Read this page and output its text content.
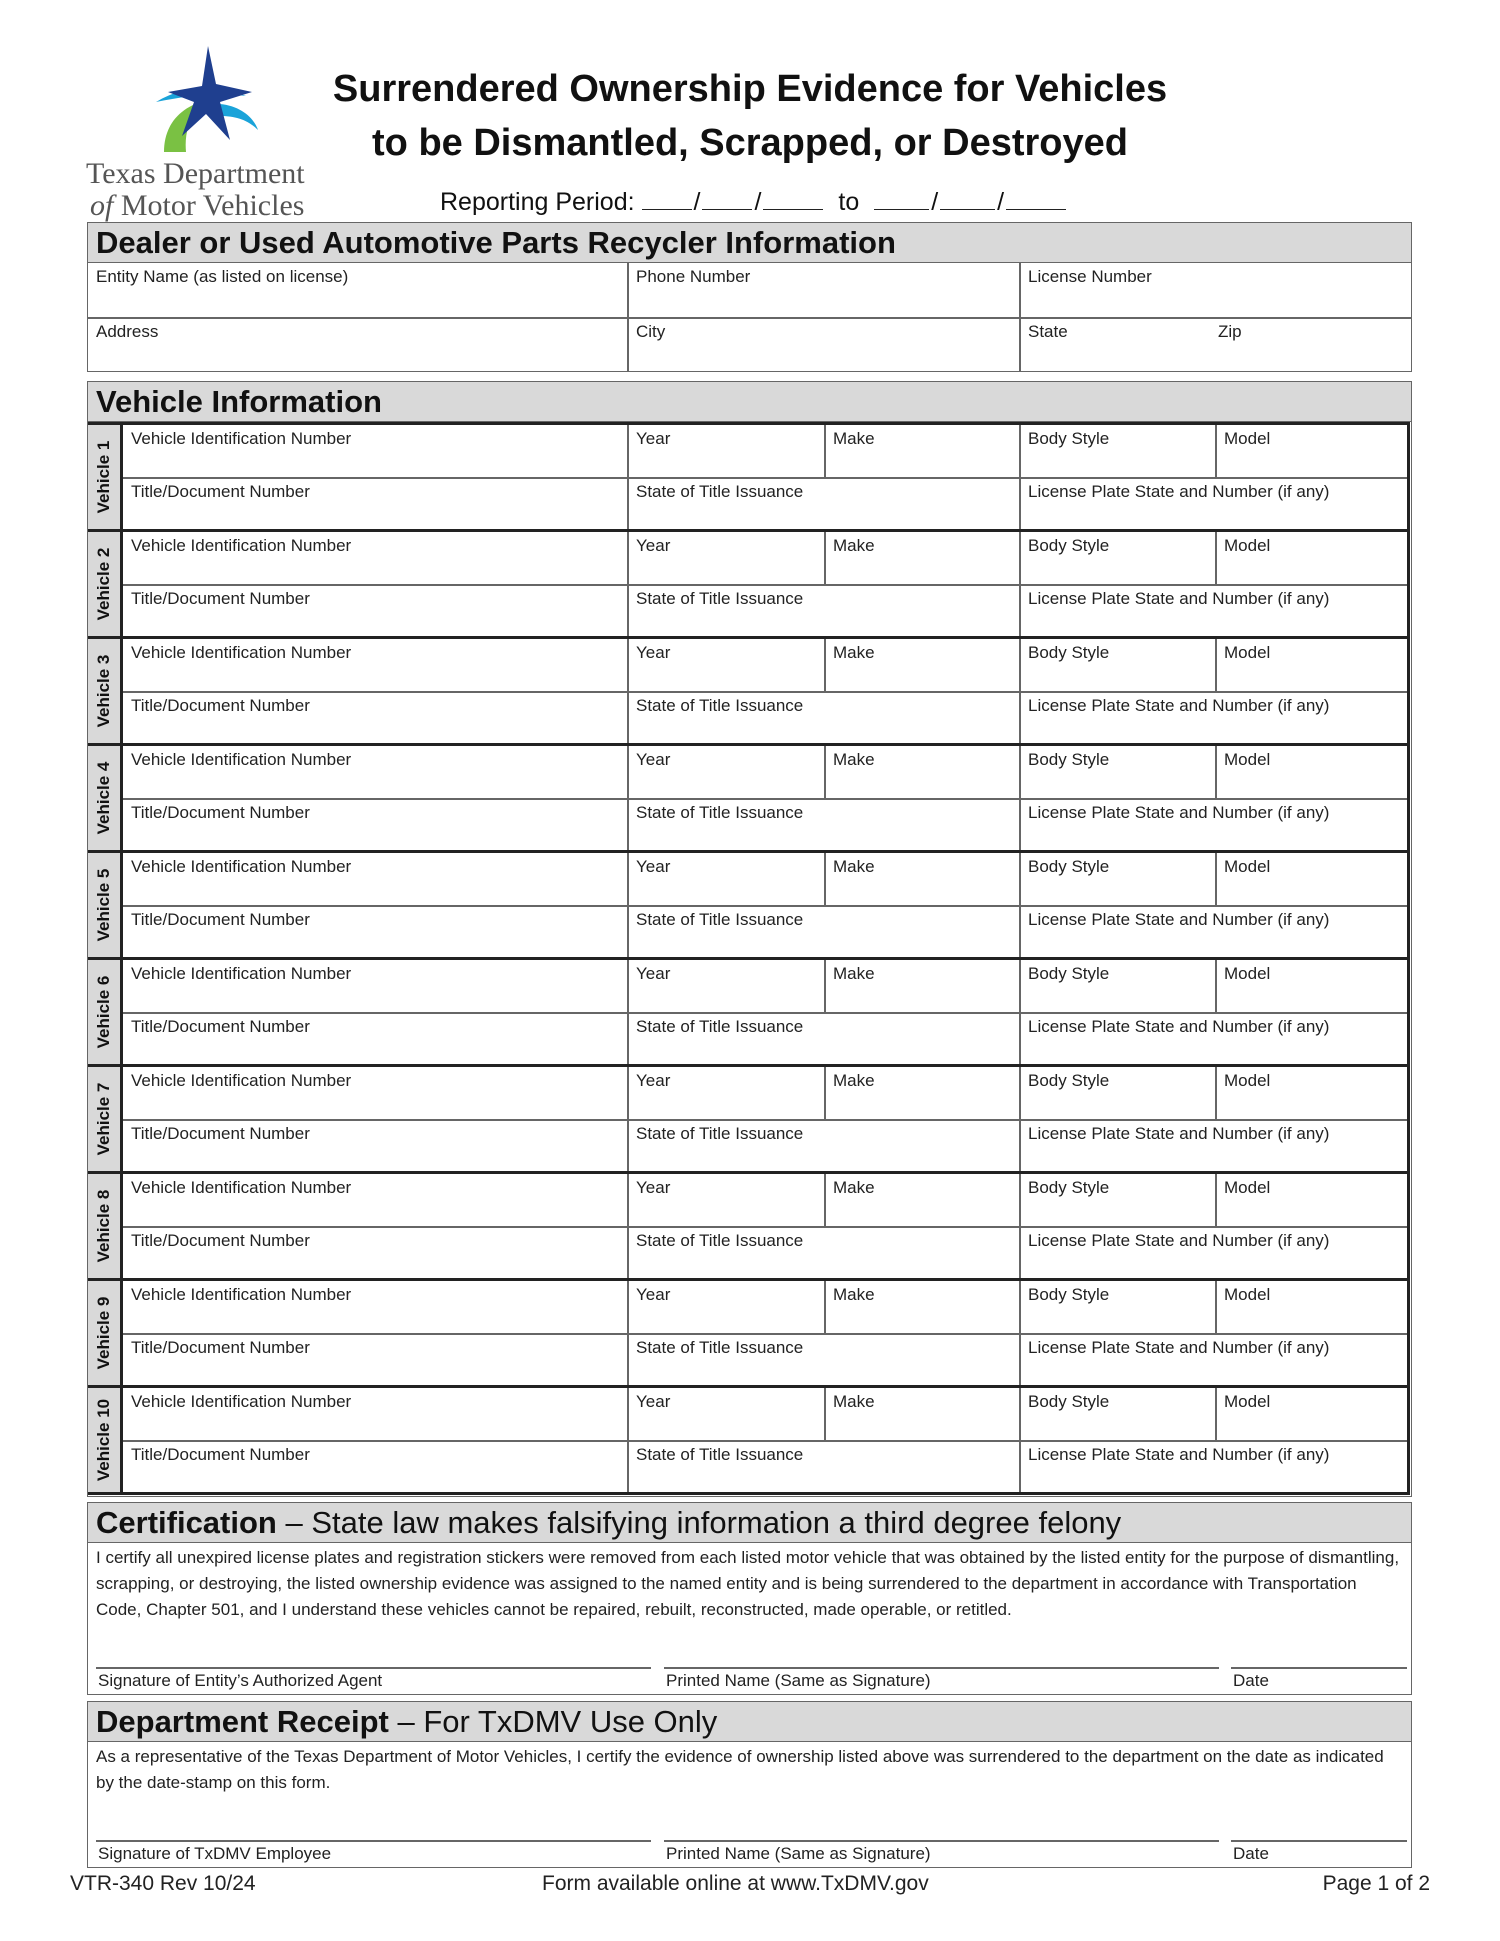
Texas Department
of Motor Vehicles
Surrendered Ownership Evidence for Vehicles
to be Dismantled, Scrapped, or Destroyed
Reporting Period: / /	to	/ /
Dealer or Used Automotive Parts Recycler Information
Entity Name (as listed on license)	Phone Number	License Number
Address	City	State	Zip
Vehicle Information
Vehicle 1
Vehicle Identification Number	Year	Make	Body Style	Model
Title/Document Number	State of Title Issuance	License Plate State and Number (if any)
Vehicle 2
Vehicle Identification Number	Year	Make	Body Style	Model
Title/Document Number	State of Title Issuance	License Plate State and Number (if any)
Vehicle 3
Vehicle Identification Number	Year	Make	Body Style	Model
Title/Document Number	State of Title Issuance	License Plate State and Number (if any)
Vehicle 4
Vehicle Identification Number	Year	Make	Body Style	Model
Title/Document Number	State of Title Issuance	License Plate State and Number (if any)
Vehicle 5
Vehicle Identification Number	Year	Make	Body Style	Model
Title/Document Number	State of Title Issuance	License Plate State and Number (if any)
Vehicle 6
Vehicle Identification Number	Year	Make	Body Style	Model
Title/Document Number	State of Title Issuance	License Plate State and Number (if any)
Vehicle 7
Vehicle Identification Number	Year	Make	Body Style	Model
Title/Document Number	State of Title Issuance	License Plate State and Number (if any)
Vehicle 8
Vehicle Identification Number	Year	Make	Body Style	Model
Title/Document Number	State of Title Issuance	License Plate State and Number (if any)
Vehicle 9
Vehicle Identification Number	Year	Make	Body Style	Model
Title/Document Number	State of Title Issuance	License Plate State and Number (if any)
Vehicle 10	Vehicle Identification Number	Year	Make	Body Style	Model
Title/Document Number	State of Title Issuance	License Plate State and Number (if any)
Certification – State law makes falsifying information a third degree felony
I certify all unexpired license plates and registration stickers were removed from each listed motor vehicle that was obtained by the listed entity for the purpose of dismantling, scrapping, or destroying, the listed ownership evidence was assigned to the named entity and is being surrendered to the department in accordance with Transportation Code, Chapter 501, and I understand these vehicles cannot be repaired, rebuilt, reconstructed, made operable, or retitled.
Signature of Entity’s Authorized Agent	Printed Name (Same as Signature)	Date
Department Receipt – For TxDMV Use Only
As a representative of the Texas Department of Motor Vehicles, I certify the evidence of ownership listed above was surrendered to the department on the date as indicated by the date-stamp on this form.
Signature of TxDMV Employee	Printed Name (Same as Signature)	Date
VTR-340 Rev 10/24	Form available online at www.TxDMV.gov	Page 1 of 2
